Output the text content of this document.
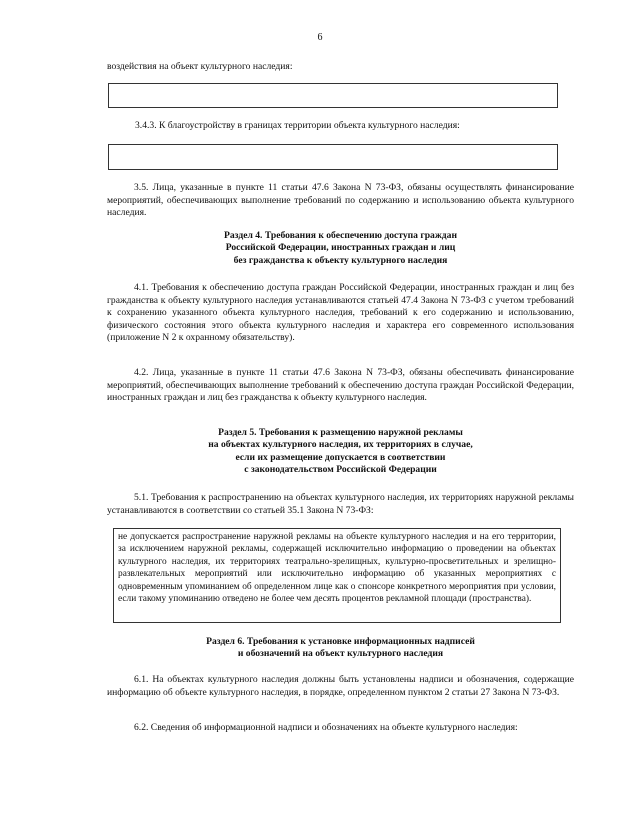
6
воздействия на объект культурного наследия:
3.4.3. К благоустройству в границах территории объекта культурного наследия:
3.5. Лица, указанные в пункте 11 статьи 47.6 Закона N 73-ФЗ, обязаны осуществлять финансирование мероприятий, обеспечивающих выполнение требований по содержанию и использованию объекта культурного наследия.
Раздел 4. Требования к обеспечению доступа граждан
Российской Федерации, иностранных граждан и лиц
без гражданства к объекту культурного наследия
4.1. Требования к обеспечению доступа граждан Российской Федерации, иностранных граждан и лиц без гражданства к объекту культурного наследия устанавливаются статьей 47.4 Закона N 73-ФЗ с учетом требований к сохранению указанного объекта культурного наследия, требований к его содержанию и использованию, физического состояния этого объекта культурного наследия и характера его современного использования (приложение N 2 к охранному обязательству).
4.2. Лица, указанные в пункте 11 статьи 47.6 Закона N 73-ФЗ, обязаны обеспечивать финансирование мероприятий, обеспечивающих выполнение требований к обеспечению доступа граждан Российской Федерации, иностранных граждан и лиц без гражданства к объекту культурного наследия.
Раздел 5. Требования к размещению наружной рекламы
на объектах культурного наследия, их территориях в случае,
если их размещение допускается в соответствии
с законодательством Российской Федерации
5.1. Требования к распространению на объектах культурного наследия, их территориях наружной рекламы устанавливаются в соответствии со статьей 35.1 Закона N 73-ФЗ:
не допускается распространение наружной рекламы на объекте культурного наследия и на его территории, за исключением наружной рекламы, содержащей исключительно информацию о проведении на объектах культурного наследия, их территориях театрально-зрелищных, культурно-просветительных и зрелищно-развлекательных мероприятий или исключительно информацию об указанных мероприятиях с одновременным упоминанием об определенном лице как о спонсоре конкретного мероприятия при условии, если такому упоминанию отведено не более чем десять процентов рекламной площади (пространства).
Раздел 6. Требования к установке информационных надписей
и обозначений на объект культурного наследия
6.1. На объектах культурного наследия должны быть установлены надписи и обозначения, содержащие информацию об объекте культурного наследия, в порядке, определенном пунктом 2 статьи 27 Закона N 73-ФЗ.
6.2. Сведения об информационной надписи и обозначениях на объекте культурного наследия:
